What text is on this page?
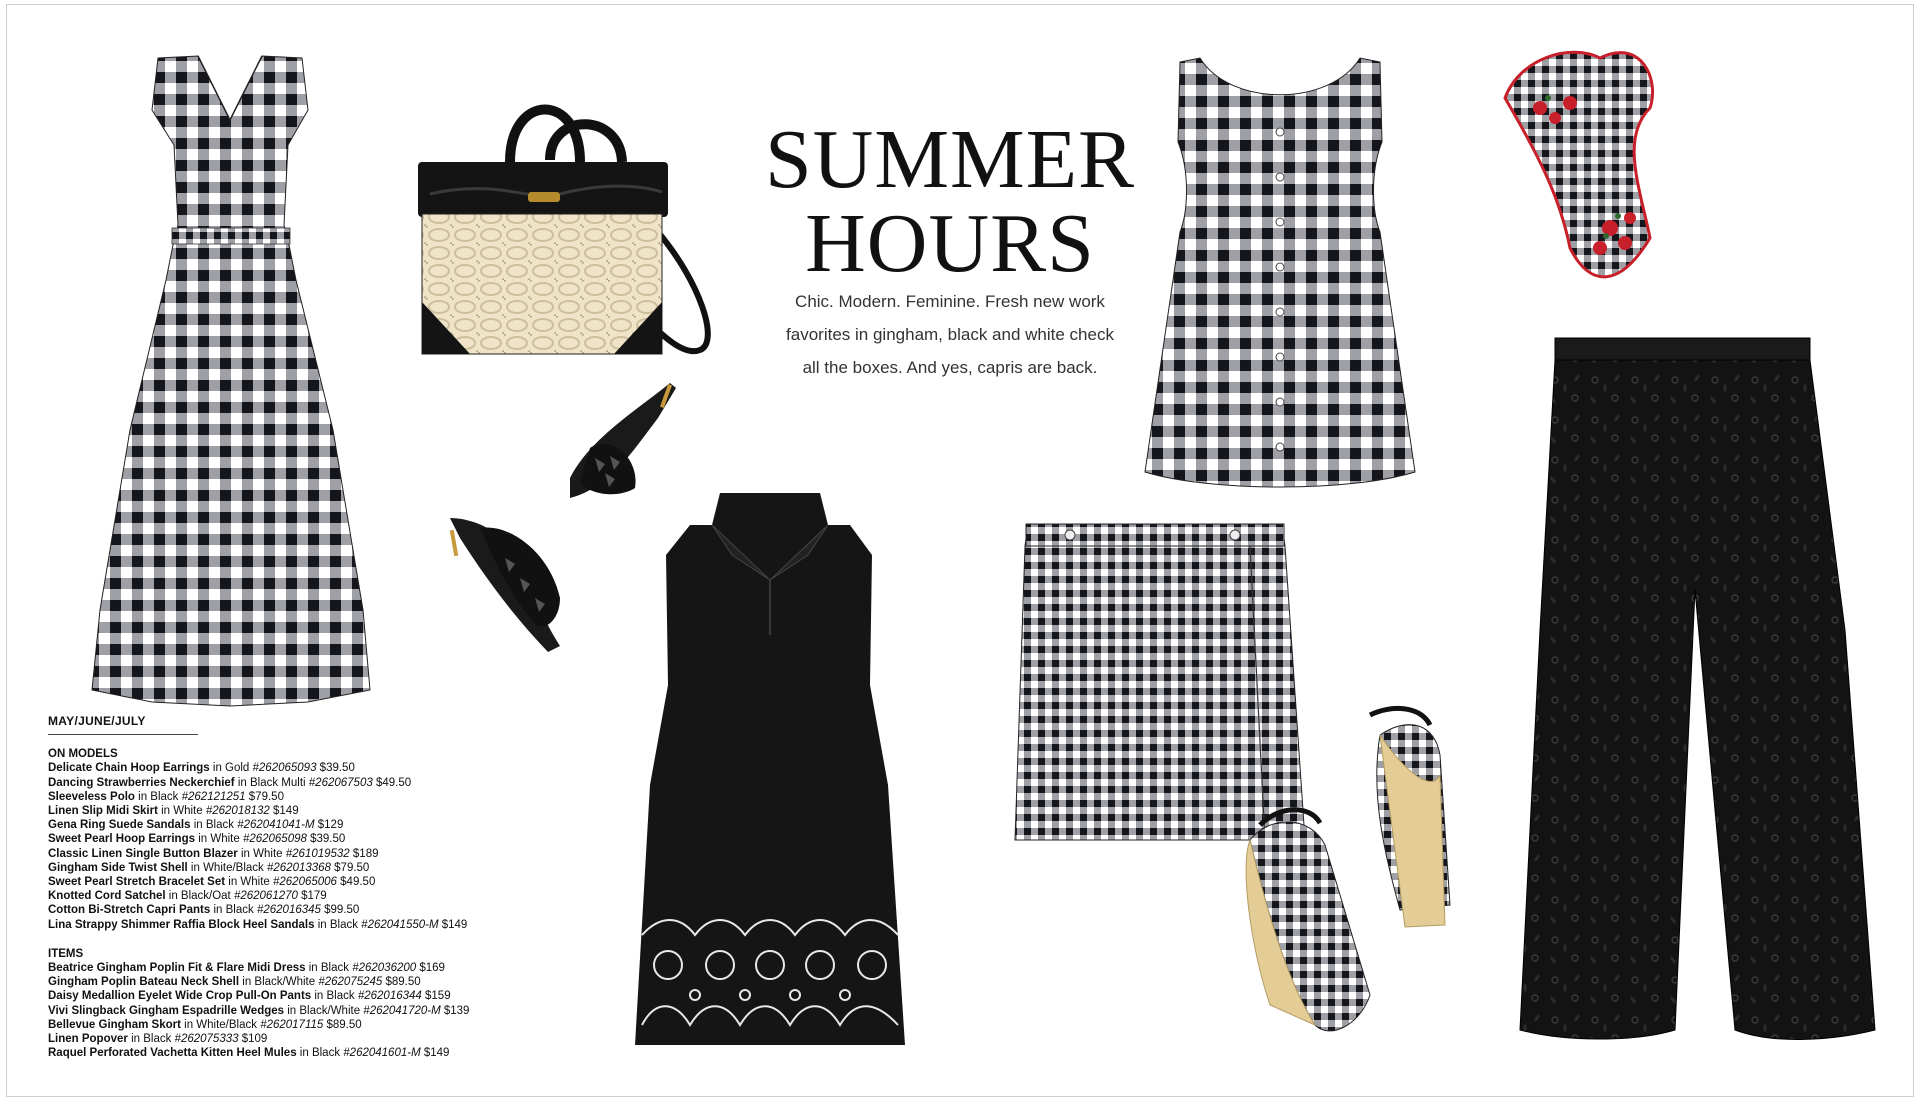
SUMMER
HOURS
Chic. Modern. Feminine. Fresh new work
favorites in gingham, black and white check
all the boxes. And yes, capris are back.
MAY/JUNE/JULY
ON MODELS
Delicate Chain Hoop Earrings in Gold #262065093 $39.50
Dancing Strawberries Neckerchief in Black Multi #262067503 $49.50
Sleeveless Polo in Black #262121251 $79.50
Linen Slip Midi Skirt in White #262018132 $149
Gena Ring Suede Sandals in Black #262041041-M $129
Sweet Pearl Hoop Earrings in White #262065098 $39.50
Classic Linen Single Button Blazer in White #261019532 $189
Gingham Side Twist Shell in White/Black #262013368 $79.50
Sweet Pearl Stretch Bracelet Set in White #262065006 $49.50
Knotted Cord Satchel in Black/Oat #262061270 $179
Cotton Bi-Stretch Capri Pants in Black #262016345 $99.50
Lina Strappy Shimmer Raffia Block Heel Sandals in Black #262041550-M $149
ITEMS
Beatrice Gingham Poplin Fit & Flare Midi Dress in Black #262036200 $169
Gingham Poplin Bateau Neck Shell in Black/White #262075245 $89.50
Daisy Medallion Eyelet Wide Crop Pull-On Pants in Black #262016344 $159
Vivi Slingback Gingham Espadrille Wedges in Black/White #262041720-M $139
Bellevue Gingham Skort in White/Black #262017115 $89.50
Linen Popover in Black #262075333 $109
Raquel Perforated Vachetta Kitten Heel Mules in Black #262041601-M $149
